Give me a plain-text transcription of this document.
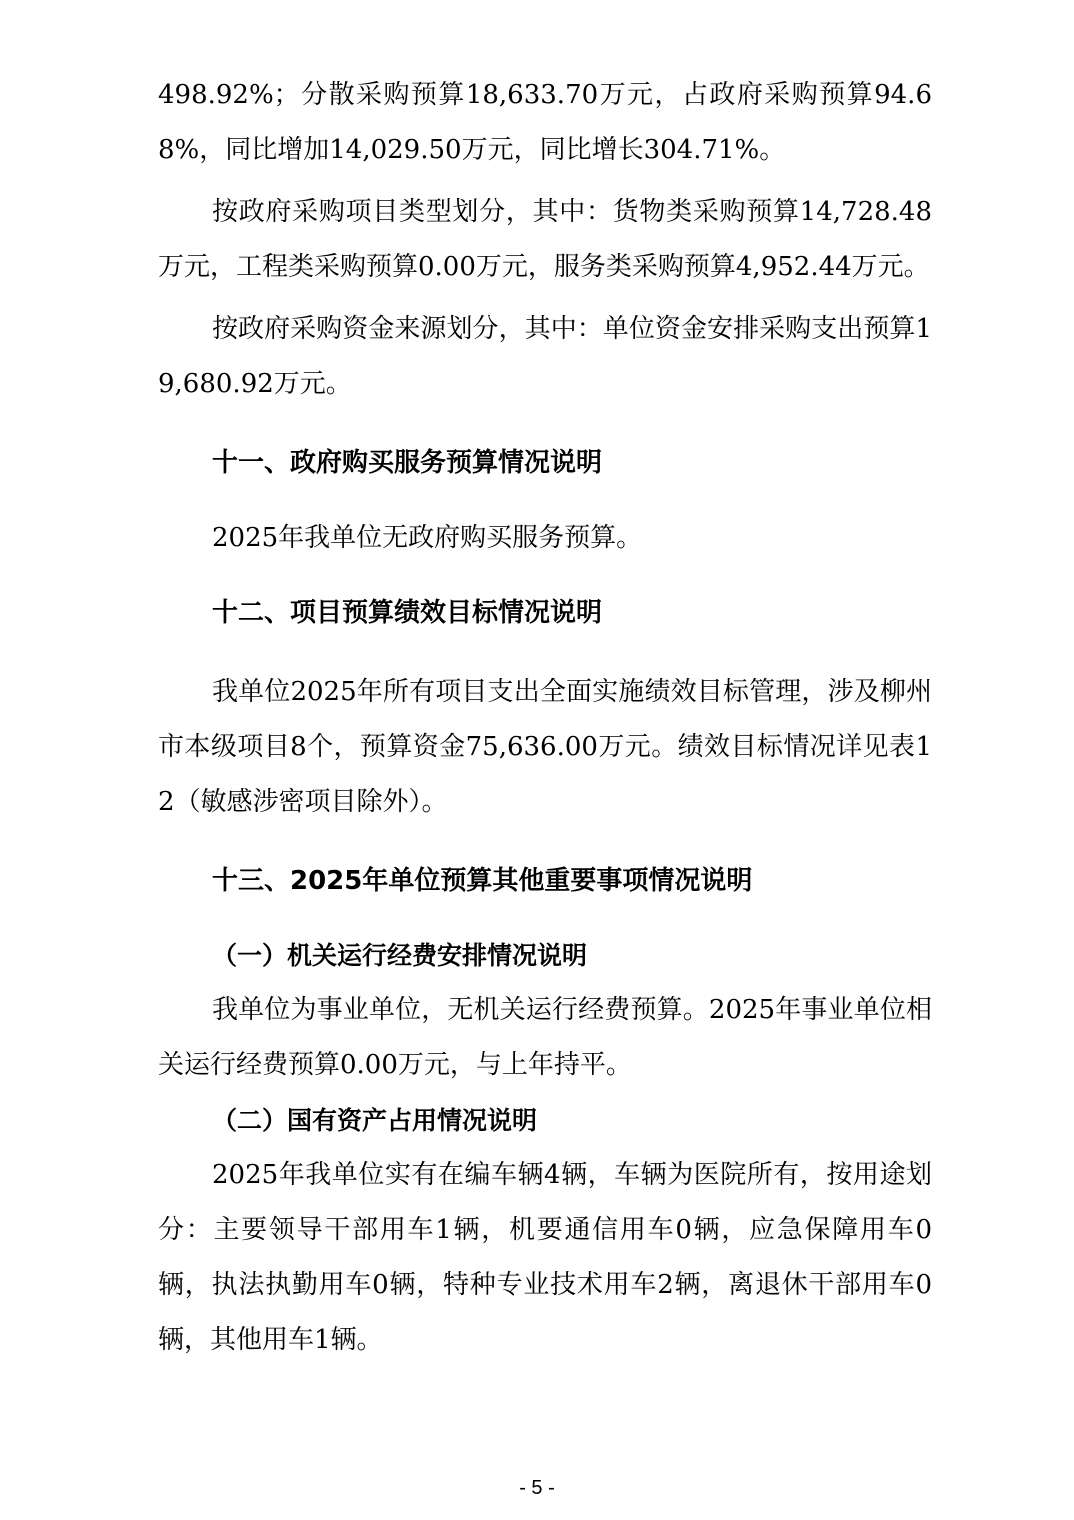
498.92%；分散采购预算18,633.70万元，占政府采购预算94.68%，同比增加14,029.50万元，同比增长304.71%。

按政府采购项目类型划分，其中：货物类采购预算14,728.48万元，工程类采购预算0.00万元，服务类采购预算4,952.44万元。

按政府采购资金来源划分，其中：单位资金安排采购支出预算19,680.92万元。

十一、政府购买服务预算情况说明

2025年我单位无政府购买服务预算。

十二、项目预算绩效目标情况说明

我单位2025年所有项目支出全面实施绩效目标管理，涉及柳州市本级项目8个，预算资金75,636.00万元。绩效目标情况详见表12（敏感涉密项目除外）。

十三、2025年单位预算其他重要事项情况说明
（一）机关运行经费安排情况说明

我单位为事业单位，无机关运行经费预算。2025年事业单位相关运行经费预算0.00万元，与上年持平。

（二）国有资产占用情况说明

2025年我单位实有在编车辆4辆，车辆为医院所有，按用途划分：主要领导干部用车1辆，机要通信用车0辆，应急保障用车0辆，执法执勤用车0辆，特种专业技术用车2辆，离退休干部用车0辆，其他用车1辆。

- 5 -
